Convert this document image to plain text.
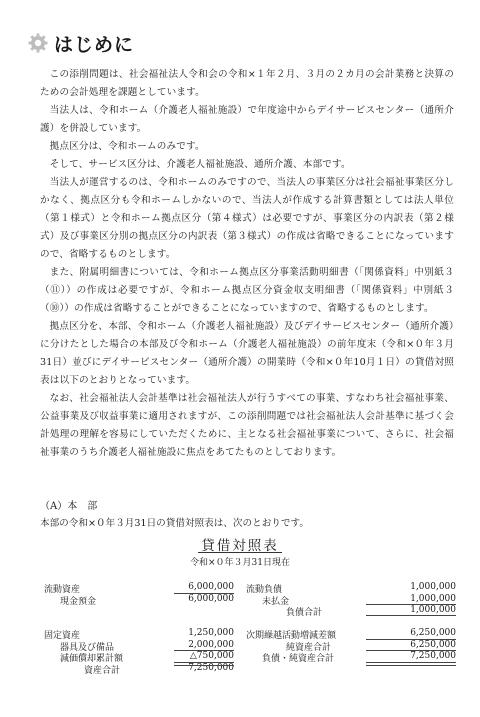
はじめに

この添削問題は、社会福祉法人令和会の令和×１年２月、３月の２カ月の会計業務と決算のための会計処理を課題としています。

当法人は、令和ホーム（介護老人福祉施設）で年度途中からデイサービスセンター（通所介護）を併設しています。

拠点区分は、令和ホームのみです。

そして、サービス区分は、介護老人福祉施設、通所介護、本部です。

当法人が運営するのは、令和ホームのみですので、当法人の事業区分は社会福祉事業区分しかなく、拠点区分も令和ホームしかないので、当法人が作成する計算書類としては法人単位（第１様式）と令和ホーム拠点区分（第４様式）は必要ですが、事業区分の内訳表（第２様式）及び事業区分別の拠点区分の内訳表（第３様式）の作成は省略できることになっていますので、省略するものとします。

また、附属明細書については、令和ホーム拠点区分事業活動明細書（「関係資料」中別紙３（⑪））の作成は必要ですが、令和ホーム拠点区分資金収支明細書（「関係資料」中別紙３（⑩））の作成は省略することができることになっていますので、省略するものとします。

拠点区分を、本部、令和ホーム（介護老人福祉施設）及びデイサービスセンター（通所介護）に分けたとした場合の本部及び令和ホーム（介護老人福祉施設）の前年度末（令和×０年３月31日）並びにデイサービスセンター（通所介護）の開業時（令和×０年10月１日）の貸借対照表は以下のとおりとなっています。

なお、社会福祉法人会計基準は社会福祉法人が行うすべての事業、すなわち社会福祉事業、公益事業及び収益事業に適用されますが、この添削問題では社会福祉法人会計基準に基づく会計処理の理解を容易にしていただくために、主となる社会福祉事業について、さらに、社会福祉事業のうち介護老人福祉施設に焦点をあてたものとしております。

（A）本　部
本部の令和×０年３月31日の貸借対照表は、次のとおりです。
貸借対照表
令和×０年３月31日現在
流動資産	6,000,000
現金預金	6,000,000
固定資産	1,250,000
器具及び備品	2,000,000
減価償却累計額	△750,000
資産合計	7,250,000
流動負債	1,000,000
未払金	1,000,000
負債合計	1,000,000
次期繰越活動増減差額	6,250,000
純資産合計	6,250,000
負債・純資産合計	7,250,000
